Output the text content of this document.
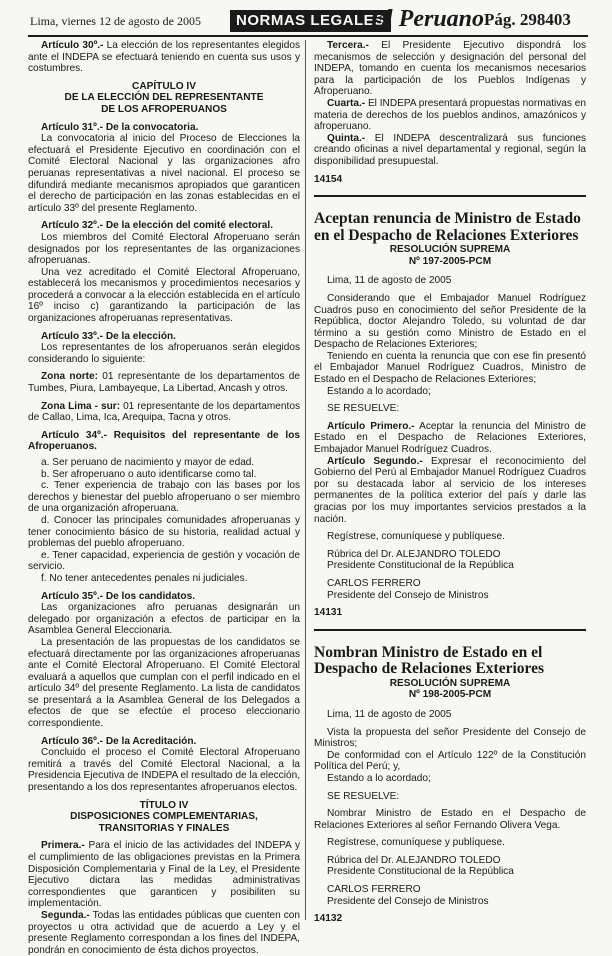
Lima, viernes 12 de agosto de 2005	NORMAS LEGALES
El Peruano Pág. 298403

Artículo 30º.- La elección de los representantes elegidos ante el INDEPA se efectuará teniendo en cuenta sus usos y costumbres.

CAPÍTULO IV

DE LA ELECCIÓN DEL REPRESENTANTE

DE LOS AFROPERUANOS

Artículo 31º.- De la convocatoria.

La convocatoria al inicio del Proceso de Elecciones la efectuará el Presidente Ejecutivo en coordinación con el Comité Electoral Nacional y las organizaciones afro peruanas representativas a nivel nacional. El proceso se difundirá mediante mecanismos apropiados que garanticen el derecho de participación en las zonas establecidas en el artículo 33º del presente Reglamento.

Artículo 32º.- De la elección del comité electoral.

Los miembros del Comité Electoral Afroperuano serán designados por los representantes de las organizaciones afroperuanas.

Una vez acreditado el Comité Electoral Afroperuano, establecerá los mecanismos y procedimientos necesarios y procederá a convocar a la elección establecida en el artículo 16º inciso c) garantizando la participación de las organizaciones afroperuanas representativas.

Artículo 33º.- De la elección.

Los representantes de los afroperuanos serán elegidos considerando lo siguiente:

Zona norte: 01 representante de los departamentos de Tumbes, Piura, Lambayeque, La Libertad, Ancash y otros.

Zona Lima - sur: 01 representante de los departamentos de Callao, Lima, Ica, Arequipa, Tacna y otros.

Artículo 34º.- Requisitos del representante de los Afroperuanos.

a. Ser peruano de nacimiento y mayor de edad.

b. Ser afroperuano o auto identificarse como tal.

c. Tener experiencia de trabajo con las bases por los derechos y bienestar del pueblo afroperuano o ser miembro de una organización afroperuana.

d. Conocer las principales comunidades afroperuanas y tener conocimiento básico de su historia, realidad actual y problemas del pueblo afroperuano.

e. Tener capacidad, experiencia de gestión y vocación de servicio.

f. No tener antecedentes penales ni judiciales.

Artículo 35º.- De los candidatos.

Las organizaciones afro peruanas designarán un delegado por organización a efectos de participar en la Asamblea General Eleccionaria.

La presentación de las propuestas de los candidatos se efectuará directamente por las organizaciones afroperuanas ante el Comité Electoral Afroperuano. El Comité Electoral evaluará a aquellos que cumplan con el perfil indicado en el artículo 34º del presente Reglamento. La lista de candidatos se presentará a la Asamblea General de los Delegados a efectos de que se efectúe el proceso eleccionario correspondiente.

Artículo 36º.- De la Acreditación.

Concluido el proceso el Comité Electoral Afroperuano remitirá a través del Comité Electoral Nacional, a la Presidencia Ejecutiva de INDEPA el resultado de la elección, presentando a los dos representantes afroperuanos electos.

TÍTULO IV

DISPOSICIONES COMPLEMENTARIAS,

TRANSITORIAS Y FINALES

Primera.- Para el inicio de las actividades del INDEPA y el cumplimiento de las obligaciones previstas en la Primera Disposición Complementaria y Final de la Ley, el Presidente Ejecutivo dictara las medidas administrativas correspondientes que garanticen y posibiliten su implementación.

Segunda.- Todas las entidades públicas que cuenten con proyectos u otra actividad que de acuerdo a Ley y el presente Reglamento correspondan a los fines del INDEPA, pondrán en conocimiento de ésta dichos proyectos.

Tercera.- El Presidente Ejecutivo dispondrá los mecanismos de selección y designación del personal del INDEPA, tomando en cuenta los mecanismos necesarios para la participación de los Pueblos Indígenas y Afroperuano.

Cuarta.- El INDEPA presentará propuestas normativas en materia de derechos de los pueblos andinos, amazónicos y afroperuano.

Quinta.- El INDEPA descentralizará sus funciones creando oficinas a nivel departamental y regional, según la disponibilidad presupuestal.

14154

Aceptan renuncia de Ministro de Estado en el Despacho de Relaciones Exteriores

RESOLUCIÓN SUPREMA

Nº 197-2005-PCM

Lima, 11 de agosto de 2005

Considerando que el Embajador Manuel Rodríguez Cuadros puso en conocimiento del señor Presidente de la República, doctor Alejandro Toledo, su voluntad de dar término a su gestión como Ministro de Estado en el Despacho de Relaciones Exteriores;

Teniendo en cuenta la renuncia que con ese fin presentó el Embajador Manuel Rodríguez Cuadros, Ministro de Estado en el Despacho de Relaciones Exteriores;

Estando a lo acordado;

SE RESUELVE:

Artículo Primero.- Aceptar la renuncia del Ministro de Estado en el Despacho de Relaciones Exteriores, Embajador Manuel Rodríguez Cuadros.

Artículo Segundo.- Expresar el reconocimiento del Gobierno del Perú al Embajador Manuel Rodríguez Cuadros por su destacada labor al servicio de los intereses permanentes de la política exterior del país y darle las gracias por los muy importantes servicios prestados a la nación.

Regístrese, comuníquese y publíquese.

Rúbrica del Dr. ALEJANDRO TOLEDO

Presidente Constitucional de la República

CARLOS FERRERO

Presidente del Consejo de Ministros

14131

Nombran Ministro de Estado en el Despacho de Relaciones Exteriores

RESOLUCIÓN SUPREMA

Nº 198-2005-PCM

Lima, 11 de agosto de 2005

Vista la propuesta del señor Presidente del Consejo de Ministros;

De conformidad con el Artículo 122º de la Constitución Política del Perú; y,

Estando a lo acordado;

SE RESUELVE:

Nombrar Ministro de Estado en el Despacho de Relaciones Exteriores al señor Fernando Olivera Vega.

Regístrese, comuníquese y publíquese.

Rúbrica del Dr. ALEJANDRO TOLEDO

Presidente Constitucional de la República

CARLOS FERRERO

Presidente del Consejo de Ministros

14132
